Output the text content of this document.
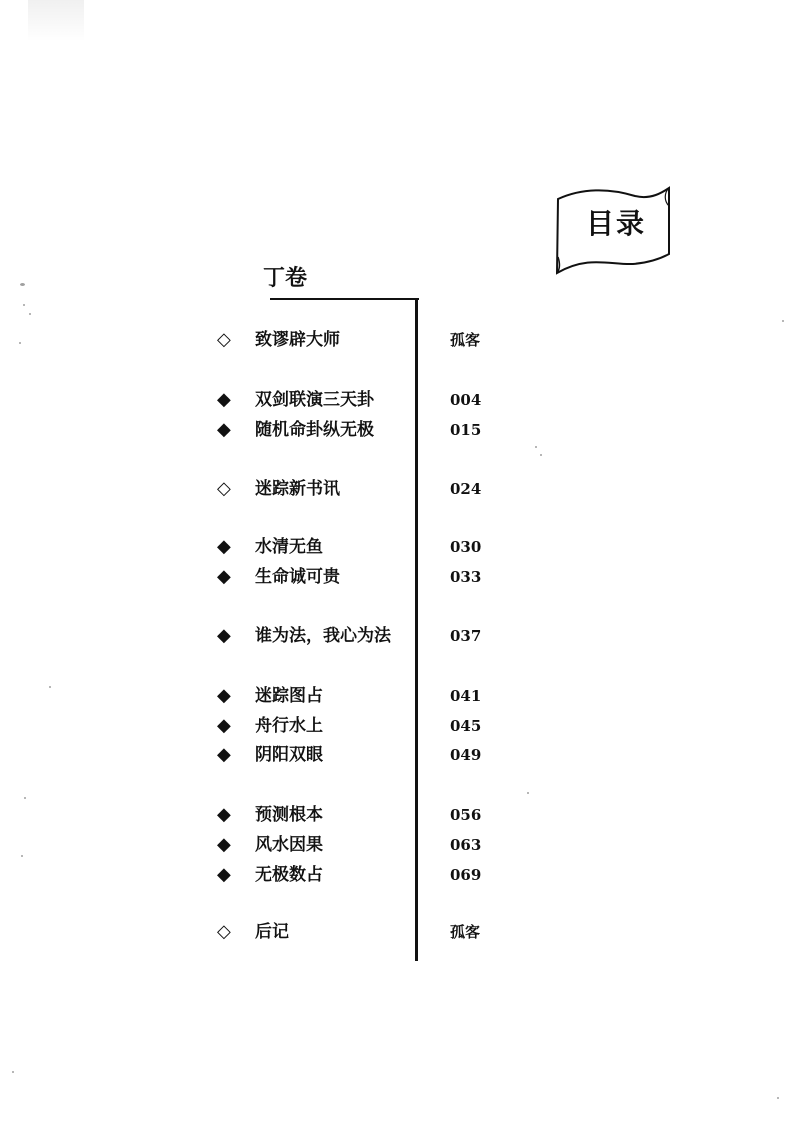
目录
丁卷
◇ 致谬辟大师	孤客
◆ 双剑联演三天卦	004
◆ 随机命卦纵无极	015
◇ 迷踪新书讯	024
◆ 水清无鱼	030
◆ 生命诚可贵	033
◆ 谁为法，我心为法	037
◆ 迷踪图占	041
◆ 舟行水上	045
◆ 阴阳双眼	049
◆ 预测根本	056
◆ 风水因果	063
◆ 无极数占	069
◇ 后记	孤客
